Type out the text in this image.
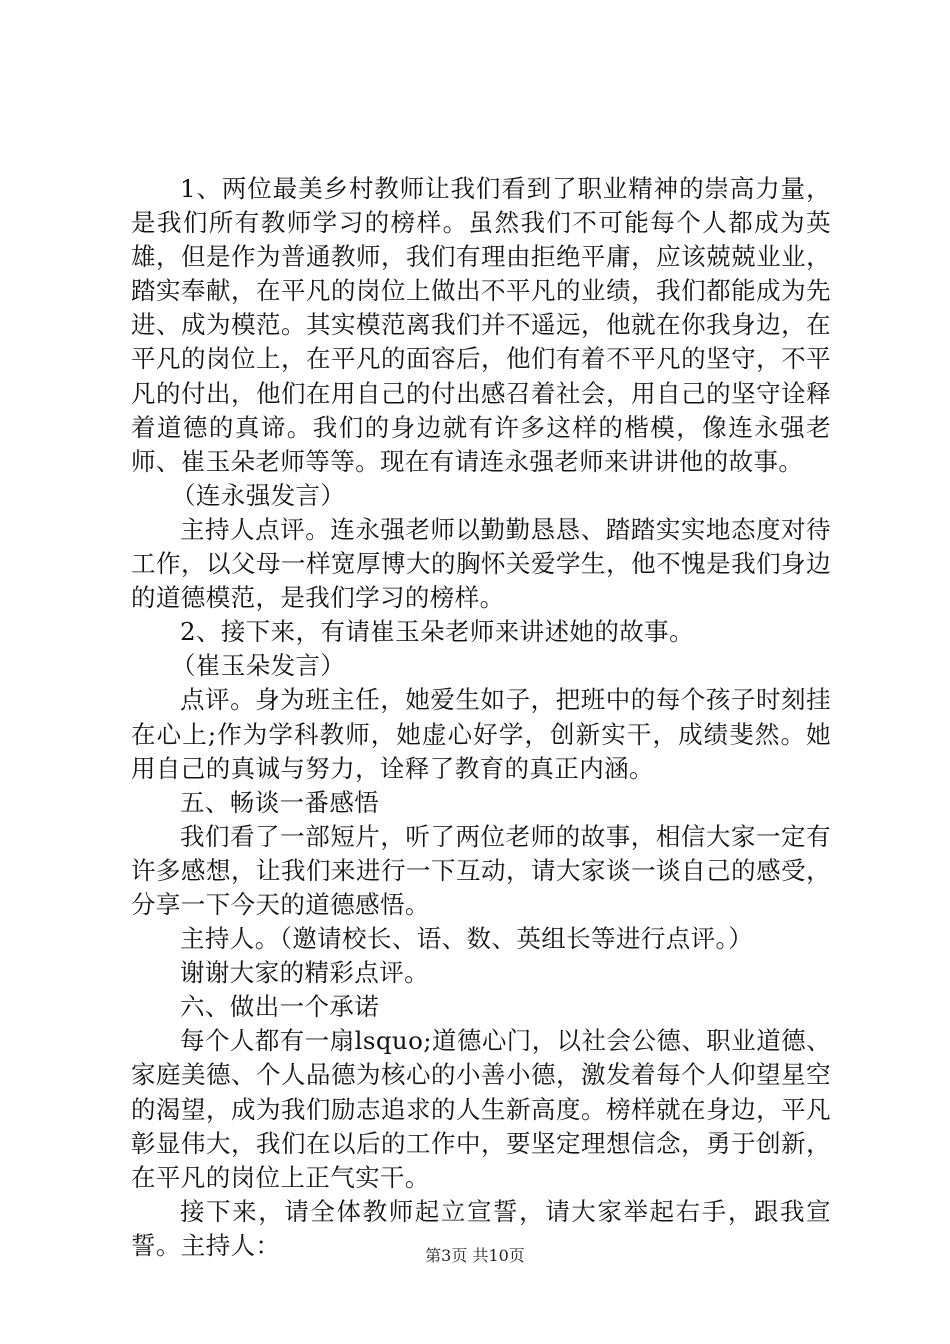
1、两位最美乡村教师让我们看到了职业精神的崇高力量，是我们所有教师学习的榜样。虽然我们不可能每个人都成为英雄，但是作为普通教师，我们有理由拒绝平庸，应该兢兢业业，踏实奉献，在平凡的岗位上做出不平凡的业绩，我们都能成为先进、成为模范。其实模范离我们并不遥远，他就在你我身边，在平凡的岗位上，在平凡的面容后，他们有着不平凡的坚守，不平凡的付出，他们在用自己的付出感召着社会，用自己的坚守诠释着道德的真谛。我们的身边就有许多这样的楷模，像连永强老师、崔玉朵老师等等。现在有请连永强老师来讲讲他的故事。

（连永强发言）

主持人点评。连永强老师以勤勤恳恳、踏踏实实地态度对待工作，以父母一样宽厚博大的胸怀关爱学生，他不愧是我们身边的道德模范，是我们学习的榜样。

2、接下来，有请崔玉朵老师来讲述她的故事。

（崔玉朵发言）

点评。身为班主任，她爱生如子，把班中的每个孩子时刻挂在心上;作为学科教师，她虚心好学，创新实干，成绩斐然。她用自己的真诚与努力，诠释了教育的真正内涵。

五、畅谈一番感悟

我们看了一部短片，听了两位老师的故事，相信大家一定有许多感想，让我们来进行一下互动，请大家谈一谈自己的感受，分享一下今天的道德感悟。

主持人。（邀请校长、语、数、英组长等进行点评。）

谢谢大家的精彩点评。

六、做出一个承诺

每个人都有一扇lsquo;道德心门，以社会公德、职业道德、家庭美德、个人品德为核心的小善小德，激发着每个人仰望星空的渴望，成为我们励志追求的人生新高度。榜样就在身边，平凡彰显伟大，我们在以后的工作中，要坚定理想信念，勇于创新，在平凡的岗位上正气实干。

接下来，请全体教师起立宣誓，请大家举起右手，跟我宣誓。主持人：	第3页 共10页
